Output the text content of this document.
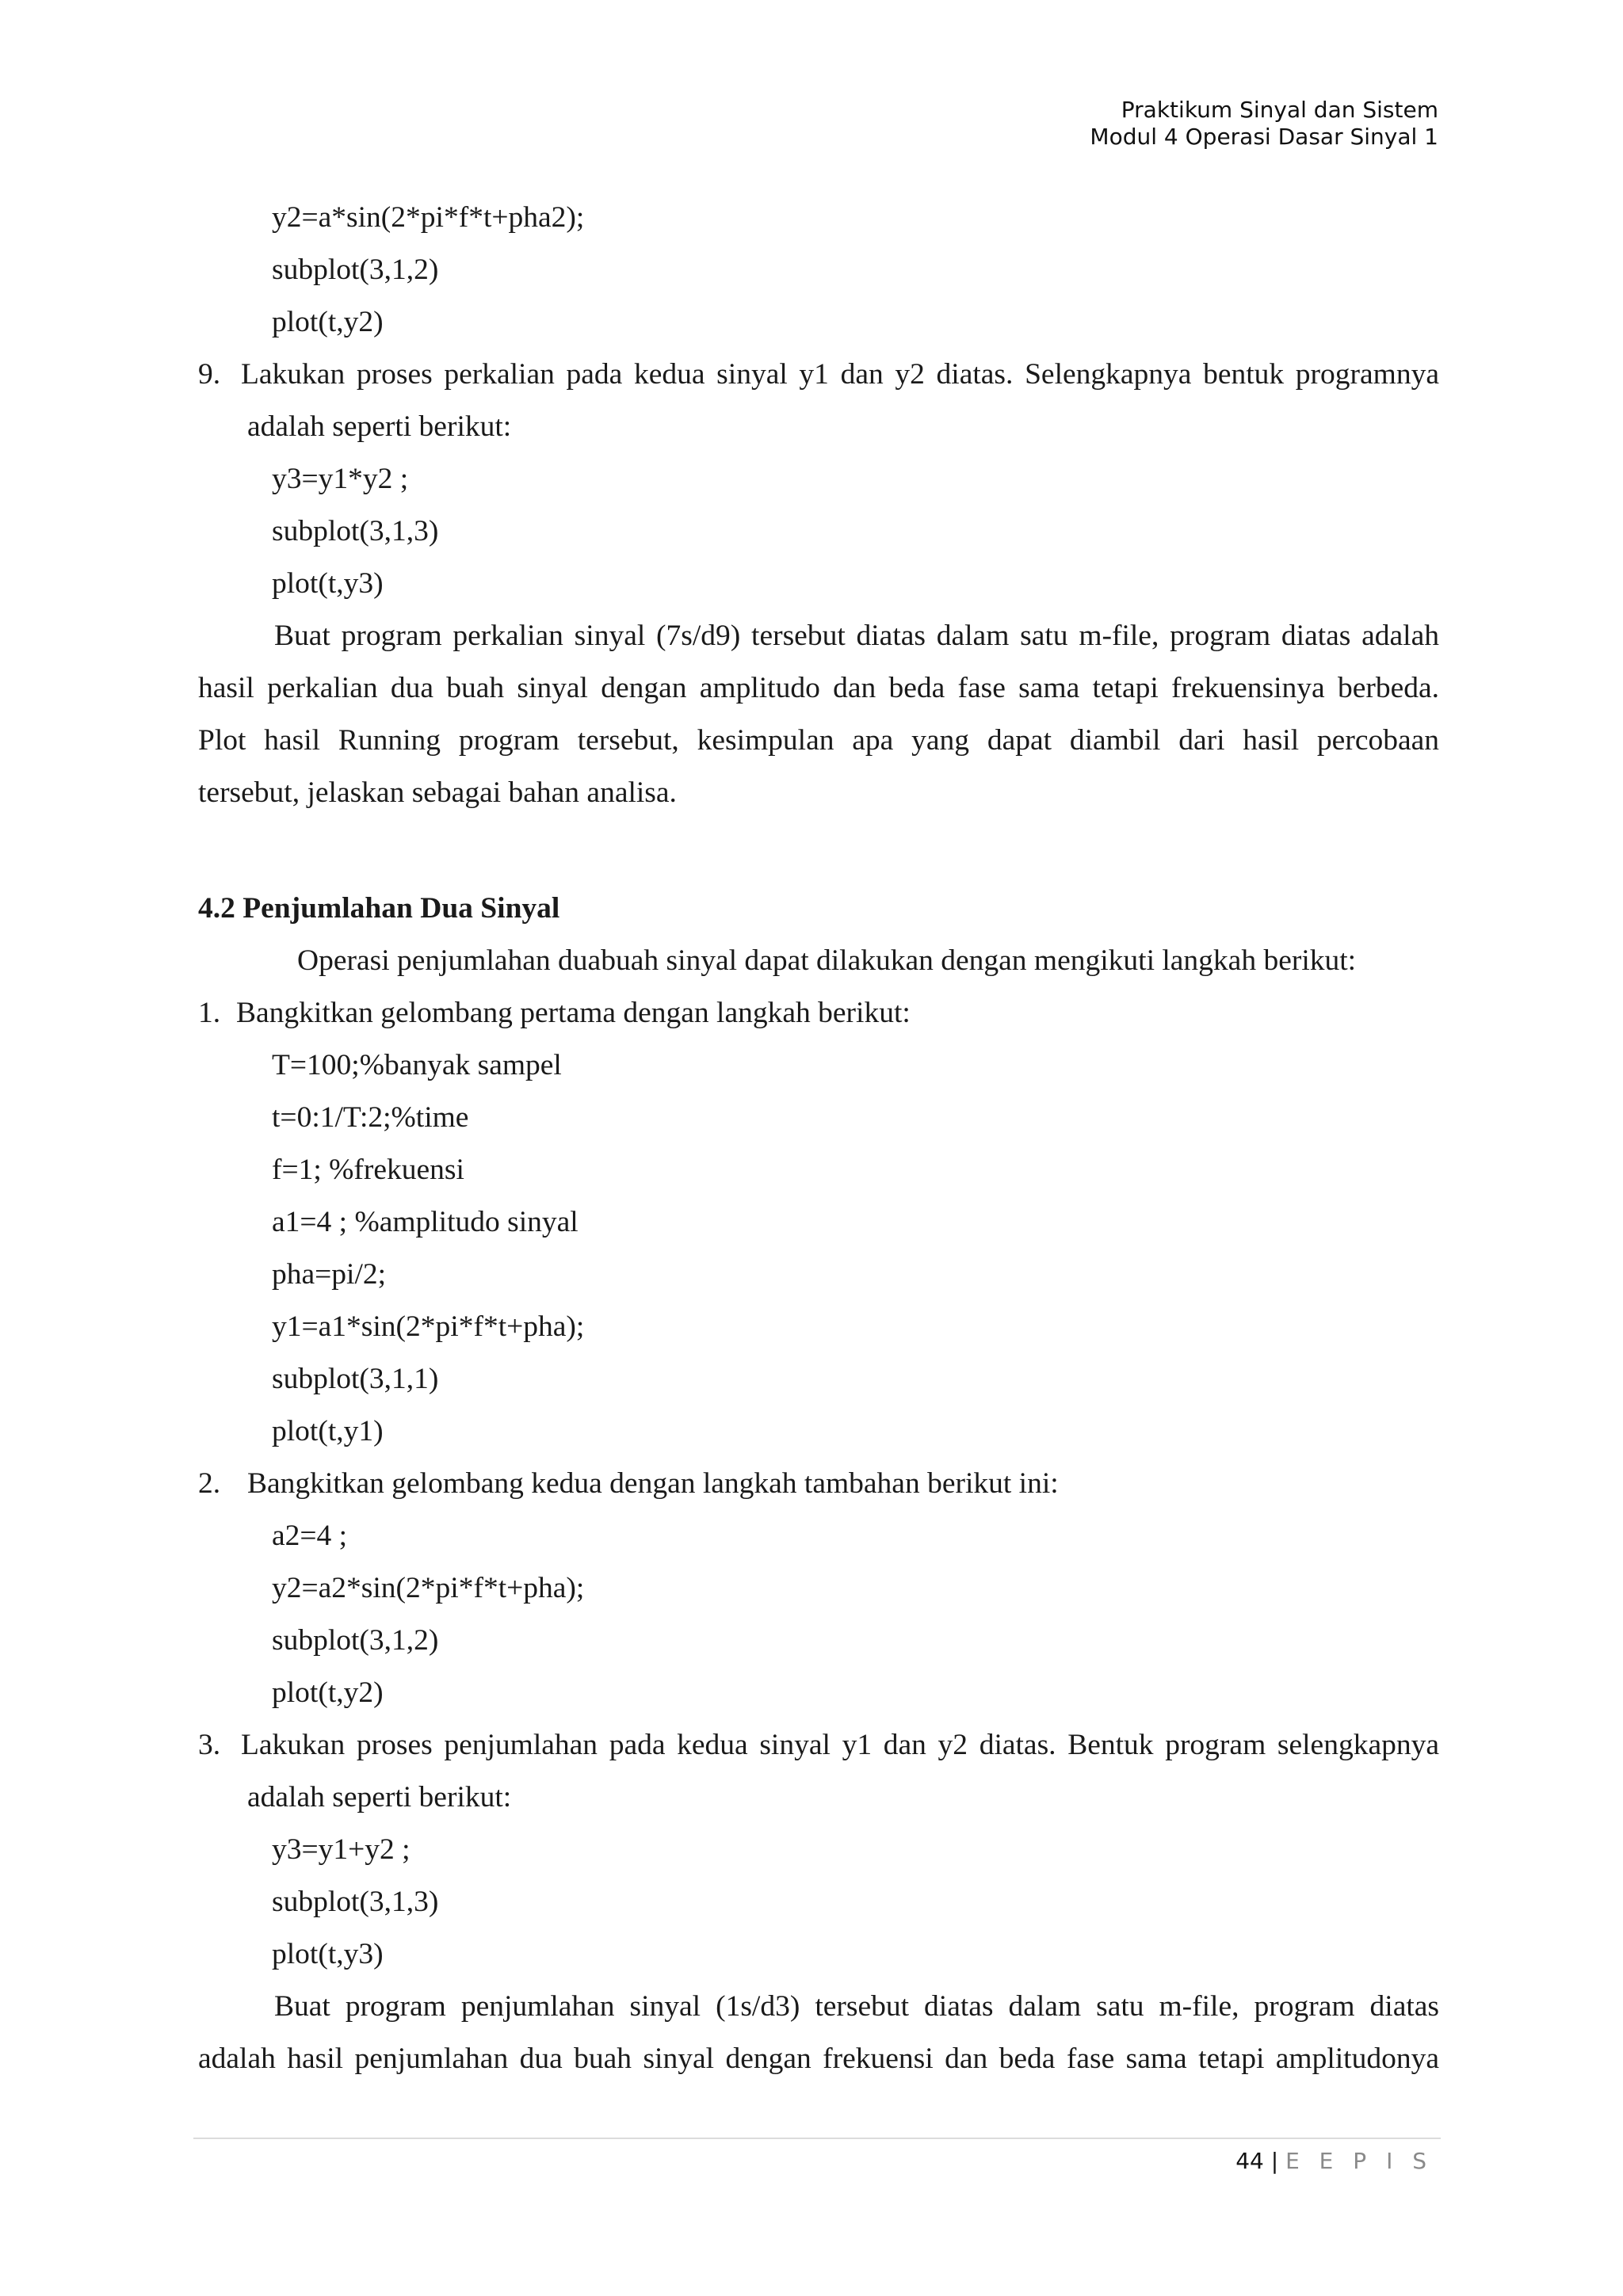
Praktikum Sinyal dan Sistem
Modul 4 Operasi Dasar Sinyal 1
y2=a*sin(2*pi*f*t+pha2);
subplot(3,1,2)
plot(t,y2)
9. Lakukan proses perkalian pada kedua sinyal y1 dan y2 diatas. Selengkapnya bentuk programnya
adalah seperti berikut:
y3=y1*y2 ;
subplot(3,1,3)
plot(t,y3)
Buat program perkalian sinyal (7s/d9) tersebut diatas dalam satu m-file, program diatas adalah
hasil perkalian dua buah sinyal dengan amplitudo dan beda fase sama tetapi frekuensinya berbeda.
Plot hasil Running program tersebut, kesimpulan apa yang dapat diambil dari hasil percobaan
tersebut, jelaskan sebagai bahan analisa.
4.2 Penjumlahan Dua Sinyal
Operasi penjumlahan duabuah sinyal dapat dilakukan dengan mengikuti langkah berikut:
1. Bangkitkan gelombang pertama dengan langkah berikut:
T=100;%banyak sampel
t=0:1/T:2;%time
f=1; %frekuensi
a1=4 ; %amplitudo sinyal
pha=pi/2;
y1=a1*sin(2*pi*f*t+pha);
subplot(3,1,1)
plot(t,y1)
2. Bangkitkan gelombang kedua dengan langkah tambahan berikut ini:
a2=4 ;
y2=a2*sin(2*pi*f*t+pha);
subplot(3,1,2)
plot(t,y2)
3. Lakukan proses penjumlahan pada kedua sinyal y1 dan y2 diatas. Bentuk program selengkapnya
adalah seperti berikut:
y3=y1+y2 ;
subplot(3,1,3)
plot(t,y3)
Buat program penjumlahan sinyal (1s/d3) tersebut diatas dalam satu m-file, program diatas
adalah hasil penjumlahan dua buah sinyal dengan frekuensi dan beda fase sama tetapi amplitudonya
44 | E E P I S
